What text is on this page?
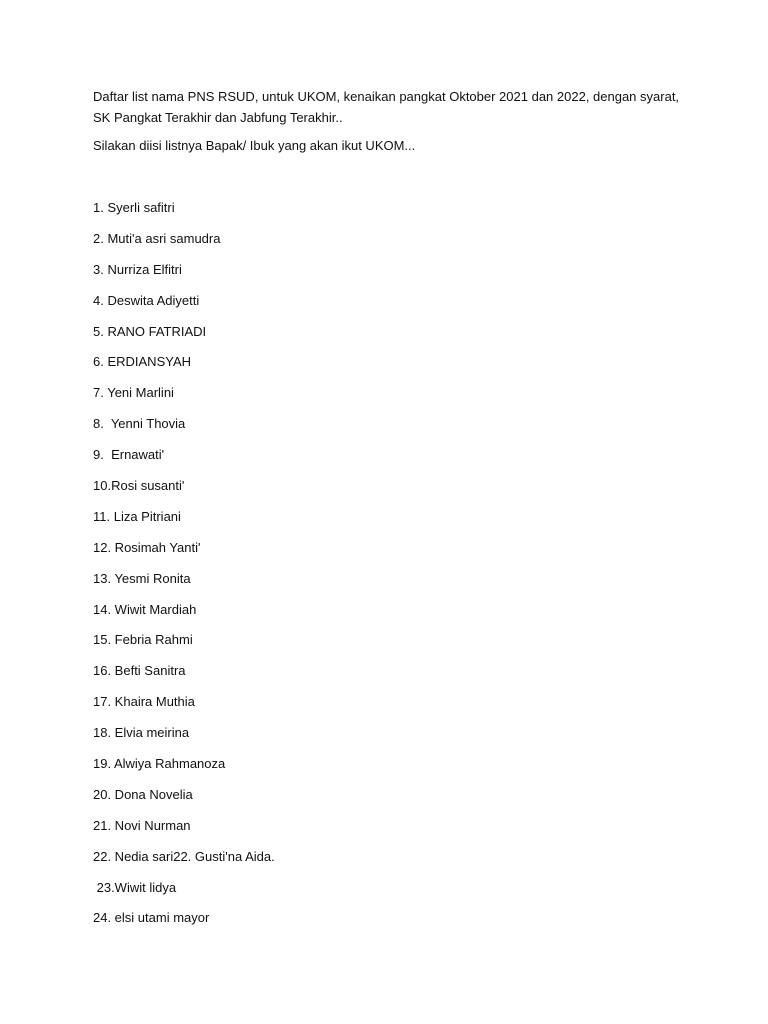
Daftar list nama PNS RSUD, untuk UKOM, kenaikan pangkat Oktober 2021 dan 2022, dengan syarat,
SK Pangkat Terakhir dan Jabfung Terakhir..
Silakan diisi listnya Bapak/ Ibuk yang akan ikut UKOM...
1. Syerli safitri
2. Muti'a asri samudra
3. Nurriza Elfitri
4. Deswita Adiyetti
5. RANO FATRIADI
6. ERDIANSYAH
7. Yeni Marlini
8.  Yenni Thovia
9.  Ernawati'
10.Rosi susanti'
11. Liza Pitriani
12. Rosimah Yanti'
13. Yesmi Ronita
14. Wiwit Mardiah
15. Febria Rahmi
16. Befti Sanitra
17. Khaira Muthia
18. Elvia meirina
19. Alwiya Rahmanoza
20. Dona Novelia
21. Novi Nurman
22. Nedia sari22. Gusti'na Aida.
23.Wiwit lidya
24. elsi utami mayor
